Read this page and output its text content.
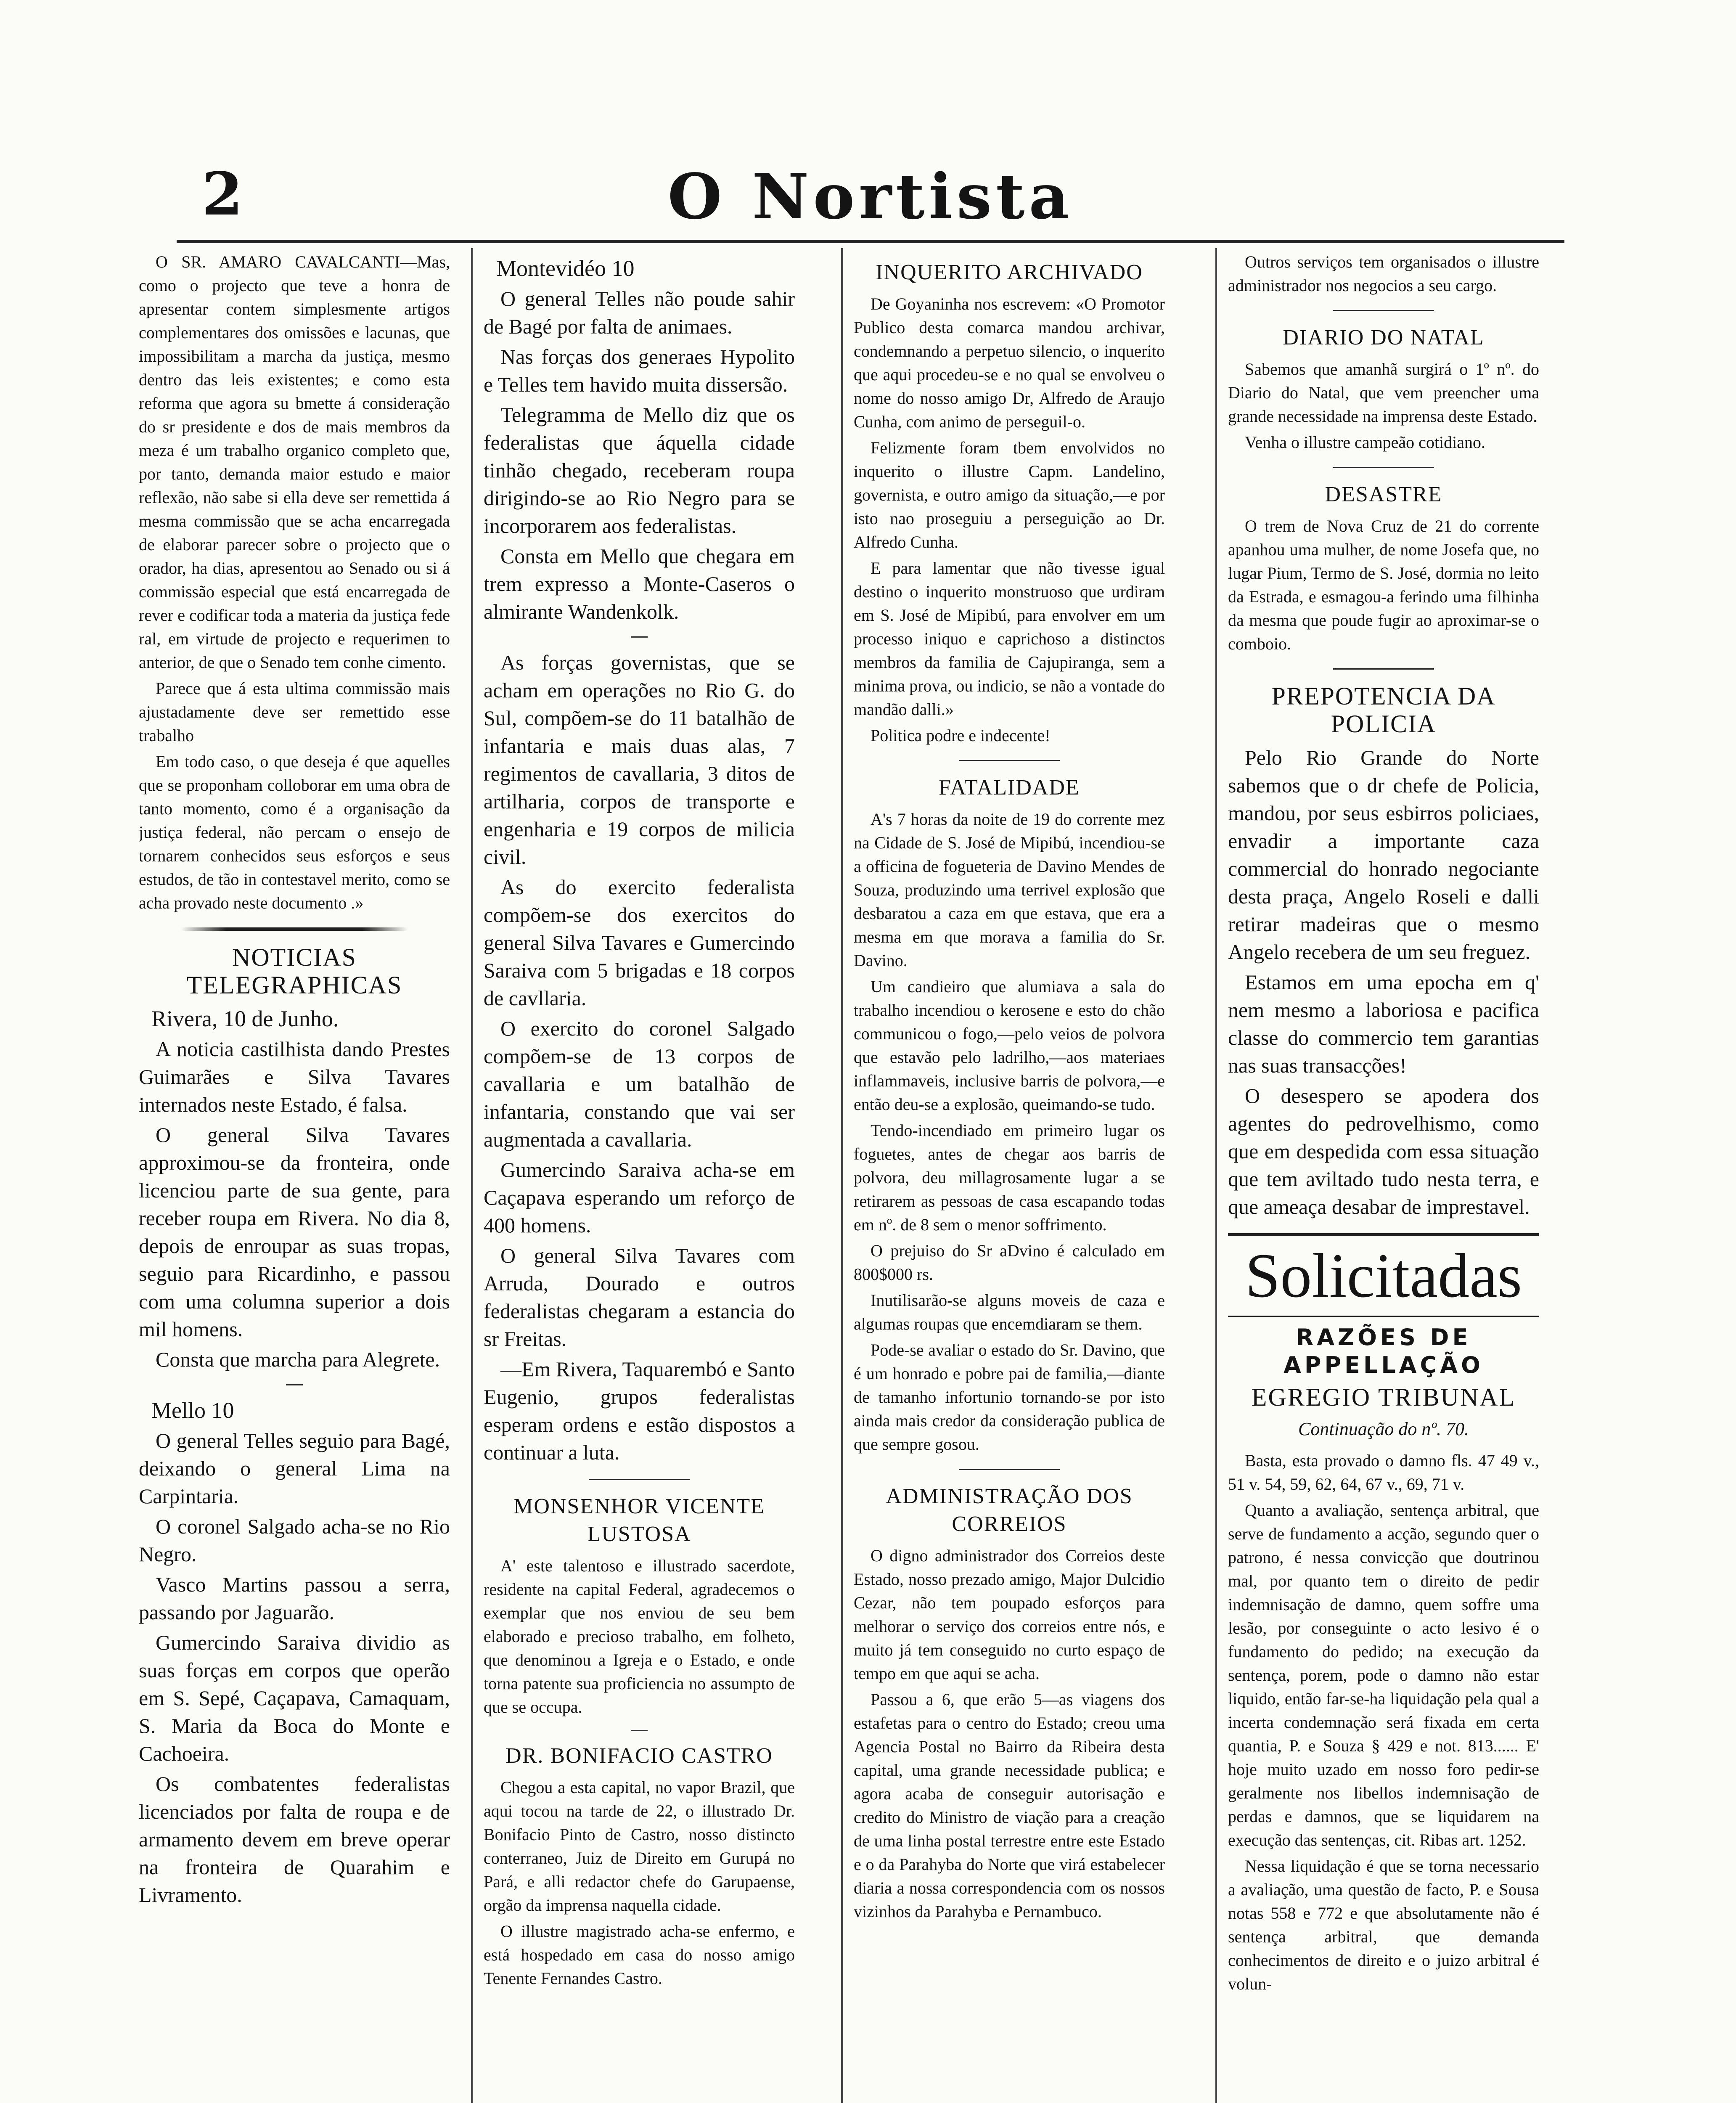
2	O Nortista

O SR. AMARO CAVALCANTI—Mas, como o projecto que teve a honra de apresentar contem simplesmente artigos complementares dos omissões e lacunas, que impossibilitam a marcha da justiça, mesmo dentro das leis existentes; e como esta reforma que agora su bmette á consideração do sr presidente e dos de mais membros da meza é um trabalho organico completo que, por tanto, demanda maior estudo e maior reflexão, não sabe si ella deve ser remettida á mesma commissão que se acha encarregada de elaborar parecer sobre o projecto que o orador, ha dias, apresentou ao Senado ou si á commissão especial que está encarregada de rever e codificar toda a materia da justiça fede ral, em virtude de projecto e requerimen to anterior, de que o Senado tem conhe cimento.

Parece que á esta ultima commissão mais ajustadamente deve ser remettido esse trabalho

Em todo caso, o que deseja é que aquelles que se proponham colloborar em uma obra de tanto momento, como é a organisação da justiça federal, não percam o ensejo de tornarem conhecidos seus esforços e seus estudos, de tão in contestavel merito, como se acha provado neste documento .»

NOTICIAS TELEGRAPHICAS
Rivera, 10 de Junho.

A noticia castilhista dando Prestes Guimarães e Silva Tavares internados neste Estado, é falsa.

O general Silva Tavares approximou-se da fronteira, onde licenciou parte de sua gente, para receber roupa em Rivera. No dia 8, depois de enroupar as suas tropas, seguio para Ricardinho, e passou com uma columna superior a dois mil homens.

Consta que marcha para Alegrete.

Mello 10

O general Telles seguio para Bagé, deixando o general Lima na Carpintaria.

O coronel Salgado acha-se no Rio Negro.

Vasco Martins passou a serra, passando por Jaguarão.

Gumercindo Saraiva dividio as suas forças em corpos que operão em S. Sepé, Caçapava, Camaquam, S. Maria da Boca do Monte e Cachoeira.

Os combatentes federalistas licenciados por falta de roupa e de armamento devem em breve operar na fronteira de Quarahim e Livramento.

Montevidéo 10

O general Telles não poude sahir de Bagé por falta de animaes.

Nas forças dos generaes Hypolito e Telles tem havido muita dissersão.

Telegramma de Mello diz que os federalistas que áquella cidade tinhão chegado, receberam roupa dirigindo-se ao Rio Negro para se incorporarem aos federalistas.

Consta em Mello que chegara em trem expresso a Monte-Caseros o almirante Wandenkolk.

As forças governistas, que se acham em operações no Rio G. do Sul, compõem-se do 11 batalhão de infantaria e mais duas alas, 7 regimentos de cavallaria, 3 ditos de artilharia, corpos de transporte e engenharia e 19 corpos de milicia civil.

As do exercito federalista compõem-se dos exercitos do general Silva Tavares e Gumercindo Saraiva com 5 brigadas e 18 corpos de cavllaria.

O exercito do coronel Salgado compõem-se de 13 corpos de cavallaria e um batalhão de infantaria, constando que vai ser augmentada a cavallaria.

Gumercindo Saraiva acha-se em Caçapava esperando um reforço de 400 homens.

O general Silva Tavares com Arruda, Dourado e outros federalistas chegaram a estancia do sr Freitas.

—Em Rivera, Taquarembó e Santo Eugenio, grupos federalistas esperam ordens e estão dispostos a continuar a luta.

MONSENHOR VICENTE LUSTOSA

A' este talentoso e illustrado sacerdote, residente na capital Federal, agradecemos o exemplar que nos enviou de seu bem elaborado e precioso trabalho, em folheto, que denominou a Igreja e o Estado, e onde torna patente sua proficiencia no assumpto de que se occupa.

DR. BONIFACIO CASTRO

Chegou a esta capital, no vapor Brazil, que aqui tocou na tarde de 22, o illustrado Dr. Bonifacio Pinto de Castro, nosso distincto conterraneo, Juiz de Direito em Gurupá no Pará, e alli redactor chefe do Garupaense, orgão da imprensa naquella cidade.

O illustre magistrado acha-se enfermo, e está hospedado em casa do nosso amigo Tenente Fernandes Castro.

INQUERITO ARCHIVADO

De Goyaninha nos escrevem: «O Promotor Publico desta comarca mandou archivar, condemnando a perpetuo silencio, o inquerito que aqui procedeu-se e no qual se envolveu o nome do nosso amigo Dr, Alfredo de Araujo Cunha, com animo de perseguil-o.

Felizmente foram tbem envolvidos no inquerito o illustre Capm. Landelino, governista, e outro amigo da situação,—e por isto nao proseguiu a perseguição ao Dr. Alfredo Cunha.

E para lamentar que não tivesse igual destino o inquerito monstruoso que urdiram em S. José de Mipibú, para envolver em um processo iniquo e caprichoso a distinctos membros da familia de Cajupiranga, sem a minima prova, ou indicio, se não a vontade do mandão dalli.»

Politica podre e indecente!

FATALIDADE

A's 7 horas da noite de 19 do corrente mez na Cidade de S. José de Mipibú, incendiou-se a officina de fogueteria de Davino Mendes de Souza, produzindo uma terrivel explosão que desbaratou a caza em que estava, que era a mesma em que morava a familia do Sr. Davino.

Um candieiro que alumiava a sala do trabalho incendiou o kerosene e esto do chão communicou o fogo,—pelo veios de polvora que estavão pelo ladrilho,—aos materiaes inflammaveis, inclusive barris de polvora,—e então deu-se a explosão, queimando-se tudo.

Tendo-incendiado em primeiro lugar os foguetes, antes de chegar aos barris de polvora, deu millagrosamente lugar a se retirarem as pessoas de casa escapando todas em nº. de 8 sem o menor soffrimento.

O prejuiso do Sr aDvino é calculado em 800$000 rs.

Inutilisarão-se alguns moveis de caza e algumas roupas que encemdiaram se them.

Pode-se avaliar o estado do Sr. Davino, que é um honrado e pobre pai de familia,—diante de tamanho infortunio tornando-se por isto ainda mais credor da consideração publica de que sempre gosou.

ADMINISTRAÇÃO DOS CORREIOS

O digno administrador dos Correios deste Estado, nosso prezado amigo, Major Dulcidio Cezar, não tem poupado esforços para melhorar o serviço dos correios entre nós, e muito já tem conseguido no curto espaço de tempo em que aqui se acha.

Passou a 6, que erão 5—as viagens dos estafetas para o centro do Estado; creou uma Agencia Postal no Bairro da Ribeira desta capital, uma grande necessidade publica; e agora acaba de conseguir autorisação e credito do Ministro de viação para a creação de uma linha postal terrestre entre este Estado e o da Parahyba do Norte que virá estabelecer diaria a nossa correspondencia com os nossos vizinhos da Parahyba e Pernambuco.

Outros serviços tem organisados o illustre administrador nos negocios a seu cargo.

DIARIO DO NATAL

Sabemos que amanhã surgirá o 1º nº. do Diario do Natal, que vem preencher uma grande necessidade na imprensa deste Estado.

Venha o illustre campeão cotidiano.

DESASTRE

O trem de Nova Cruz de 21 do corrente apanhou uma mulher, de nome Josefa que, no lugar Pium, Termo de S. José, dormia no leito da Estrada, e esmagou-a ferindo uma filhinha da mesma que poude fugir ao aproximar-se o comboio.

PREPOTENCIA DA POLICIA

Pelo Rio Grande do Norte sabemos que o dr chefe de Policia, mandou, por seus esbirros policiaes, envadir a importante caza commercial do honrado negociante desta praça, Angelo Roseli e dalli retirar madeiras que o mesmo Angelo recebera de um seu freguez.

Estamos em uma epocha em q' nem mesmo a laboriosa e pacifica classe do commercio tem garantias nas suas transacções!

O desespero se apodera dos agentes do pedrovelhismo, como que em despedida com essa situação que tem aviltado tudo nesta terra, e que ameaça desabar de imprestavel.

Solicitadas
RAZÕES DE APPELLAÇÃO
EGREGIO TRIBUNAL
Continuação do nº. 70.

Basta, esta provado o damno fls. 47 49 v., 51 v. 54, 59, 62, 64, 67 v., 69, 71 v.

Quanto a avaliação, sentença arbitral, que serve de fundamento a acção, segundo quer o patrono, é nessa convicção que doutrinou mal, por quanto tem o direito de pedir indemnisação de damno, quem soffre uma lesão, por conseguinte o acto lesivo é o fundamento do pedido; na execução da sentença, porem, pode o damno não estar liquido, então far-se-ha liquidação pela qual a incerta condemnação será fixada em certa quantia, P. e Souza § 429 e not. 813...... E' hoje muito uzado em nosso foro pedir-se geralmente nos libellos indemnisação de perdas e damnos, que se liquidarem na execução das sentenças, cit. Ribas art. 1252.

Nessa liquidação é que se torna necessario a avaliação, uma questão de facto, P. e Sousa notas 558 e 772 e que absolutamente não é sentença arbitral, que demanda conhecimentos de direito e o juizo arbitral é volun-
